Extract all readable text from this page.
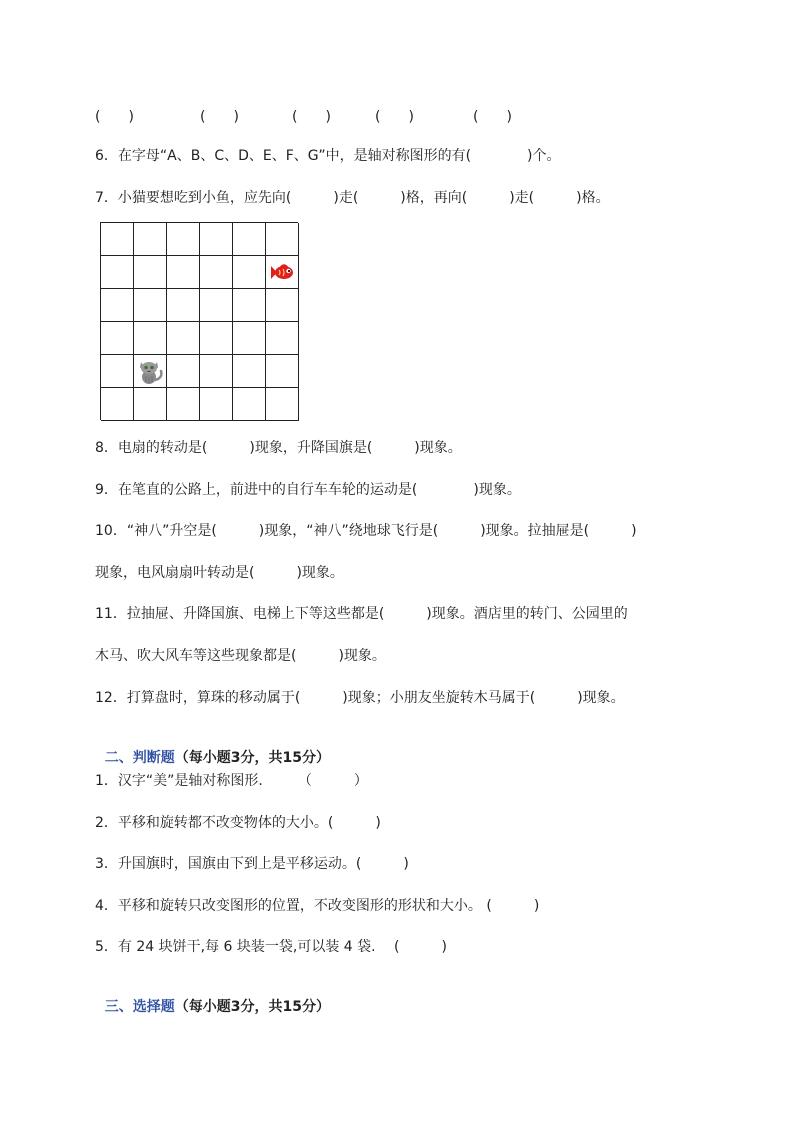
(　　)	(　　)	(　　)	(　　)	(　　)
6．在字母“A、B、C、D、E、F、G”中，是轴对称图形的有(　　　　)个。
7．小猫要想吃到小鱼，应先向(　　　)走(　　　)格，再向(　　　)走(　　　)格。
8．电扇的转动是(　　　)现象，升降国旗是(　　　)现象。
9．在笔直的公路上，前进中的自行车车轮的运动是(　　　　)现象。
10．“神八”升空是(　　　)现象，“神八”绕地球飞行是(　　　)现象。拉抽屉是(　　　)
现象，电风扇扇叶转动是(　　　)现象。
11．拉抽屉、升降国旗、电梯上下等这些都是(　　　)现象。酒店里的转门、公园里的
木马、吹大风车等这些现象都是(　　　)现象。
12．打算盘时，算珠的移动属于(　　　)现象；小朋友坐旋转木马属于(　　　)现象。

二、判断题（每小题3分，共15分）

1．汉字“美”是轴对称图形.　　　（　　　）
2．平移和旋转都不改变物体的大小。(　　　)
3．升国旗时，国旗由下到上是平移运动。(　　　)
4．平移和旋转只改变图形的位置，不改变图形的形状和大小。 (　　　)
5．有 24 块饼干,每 6 块装一袋,可以装 4 袋.　 (　　　)

三、选择题（每小题3分，共15分）
